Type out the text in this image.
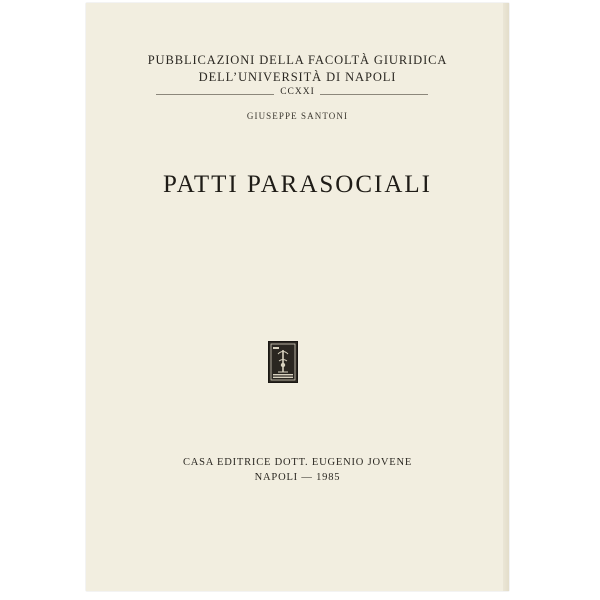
PUBBLICAZIONI DELLA FACOLTÀ GIURIDICA
DELL’UNIVERSITÀ DI NAPOLI
CCXXI
GIUSEPPE SANTONI
PATTI PARASOCIALI
CASA EDITRICE DOTT. EUGENIO JOVENE
NAPOLI — 1985
